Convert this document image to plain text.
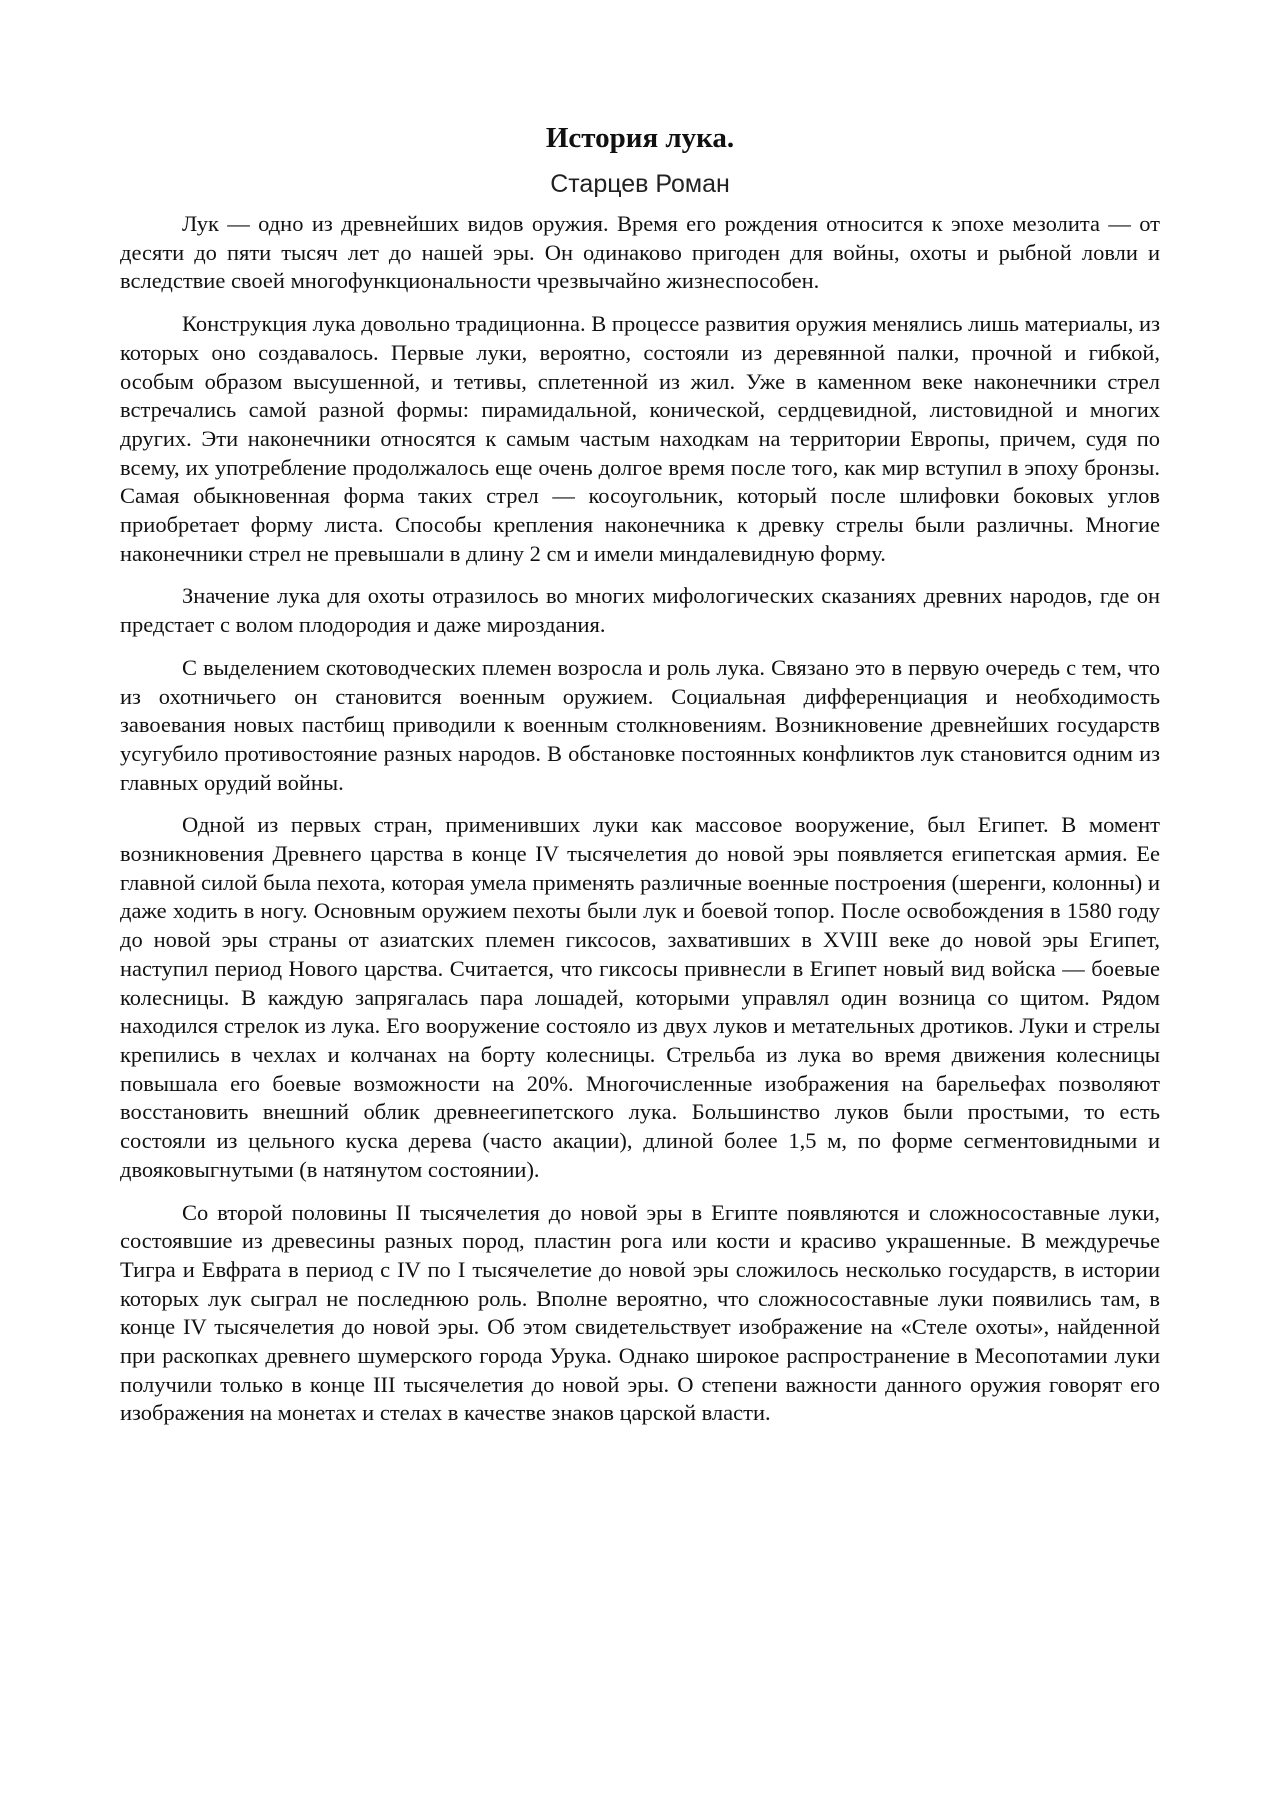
История лука.
Старцев Роман

Лук — одно из древнейших видов оружия. Время его рождения относится к эпохе мезолита — от десяти до пяти тысяч лет до нашей эры. Он одинаково пригоден для войны, охоты и рыбной ловли и вследствие своей многофункциональности чрезвычайно жизнеспособен.

Конструкция лука довольно традиционна. В процессе развития оружия менялись лишь материалы, из которых оно создавалось. Первые луки, вероятно, состояли из деревянной палки, прочной и гибкой, особым образом высушенной, и тетивы, сплетенной из жил. Уже в каменном веке наконечники стрел встречались самой разной формы: пирамидальной, конической, сердцевидной, листовидной и многих других. Эти наконечники относятся к самым частым находкам на территории Европы, причем, судя по всему, их употребление продолжалось еще очень долгое время после того, как мир вступил в эпоху бронзы. Самая обыкновенная форма таких стрел — косоугольник, который после шлифовки боковых углов приобретает форму листа. Способы крепления наконечника к древку стрелы были различны. Многие наконечники стрел не превышали в длину 2 см и имели миндалевидную форму.

Значение лука для охоты отразилось во многих мифологических сказаниях древних народов, где он предстает с волом плодородия и даже мироздания.

С выделением скотоводческих племен возросла и роль лука. Связано это в первую очередь с тем, что из охотничьего он становится военным оружием. Социальная дифференциация и необходимость завоевания новых пастбищ приводили к военным столкновениям. Возникновение древнейших государств усугубило противостояние разных народов. В обстановке постоянных конфликтов лук становится одним из главных орудий войны.

Одной из первых стран, применивших луки как массовое вооружение, был Египет. В момент возникновения Древнего царства в конце IV тысячелетия до новой эры появляется египетская армия. Ее главной силой была пехота, которая умела применять различные военные построения (шеренги, колонны) и даже ходить в ногу. Основным оружием пехоты были лук и боевой топор. После освобождения в 1580 году до новой эры страны от азиатских племен гиксосов, захвативших в XVIII веке до новой эры Египет, наступил период Нового царства. Считается, что гиксосы привнесли в Египет новый вид войска — боевые колесницы. В каждую запрягалась пара лошадей, которыми управлял один возница со щитом. Рядом находился стрелок из лука. Его вооружение состояло из двух луков и метательных дротиков. Луки и стрелы крепились в чехлах и колчанах на борту колесницы. Стрельба из лука во время движения колесницы повышала его боевые возможности на 20%. Многочисленные изображения на барельефах позволяют восстановить внешний облик древнеегипетского лука. Большинство луков были простыми, то есть состояли из цельного куска дерева (часто акации), длиной более 1,5 м, по форме сегментовидными и двояковыгнутыми (в натянутом состоянии).

Со второй половины II тысячелетия до новой эры в Египте появляются и сложносоставные луки, состоявшие из древесины разных пород, пластин рога или кости и красиво украшенные. В междуречье Тигра и Евфрата в период с IV по I тысячелетие до новой эры сложилось несколько государств, в истории которых лук сыграл не последнюю роль. Вполне вероятно, что сложносоставные луки появились там, в конце IV тысячелетия до новой эры. Об этом свидетельствует изображение на «Стеле охоты», найденной при раскопках древнего шумерского города Урука. Однако широкое распространение в Месопотамии луки получили только в конце III тысячелетия до новой эры. О степени важности данного оружия говорят его изображения на монетах и стелах в качестве знаков царской власти.
